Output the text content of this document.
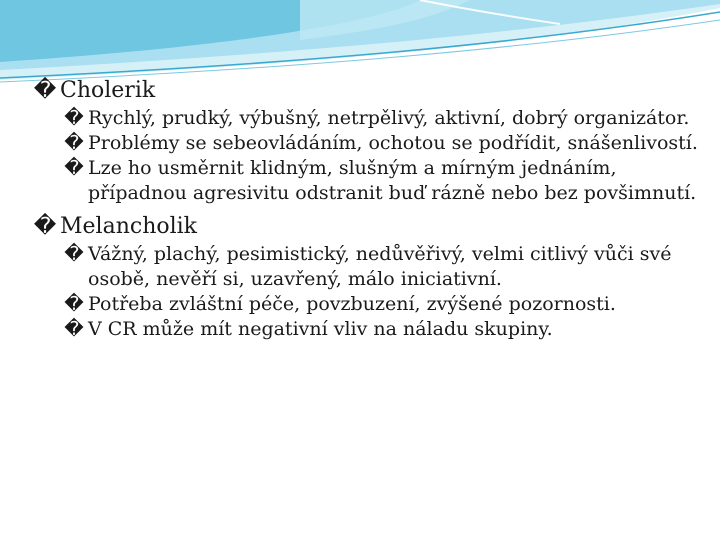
� Cholerik
� Rychlý, prudký, výbušný, netrpělivý, aktivní, dobrý organizátor.
� Problémy se sebeovládáním, ochotou se podřídit, snášenlivostí.
� Lze ho usměrnit klidným, slušným a mírným jednáním, případnou agresivitu odstranit buď rázně nebo bez povšimnutí.
� Melancholik
� Vážný, plachý, pesimistický, nedůvěřivý, velmi citlivý vůči své osobě, nevěří si, uzavřený, málo iniciativní.
� Potřeba zvláštní péče, povzbuzení, zvýšené pozornosti.
� V CR může mít negativní vliv na náladu skupiny.
